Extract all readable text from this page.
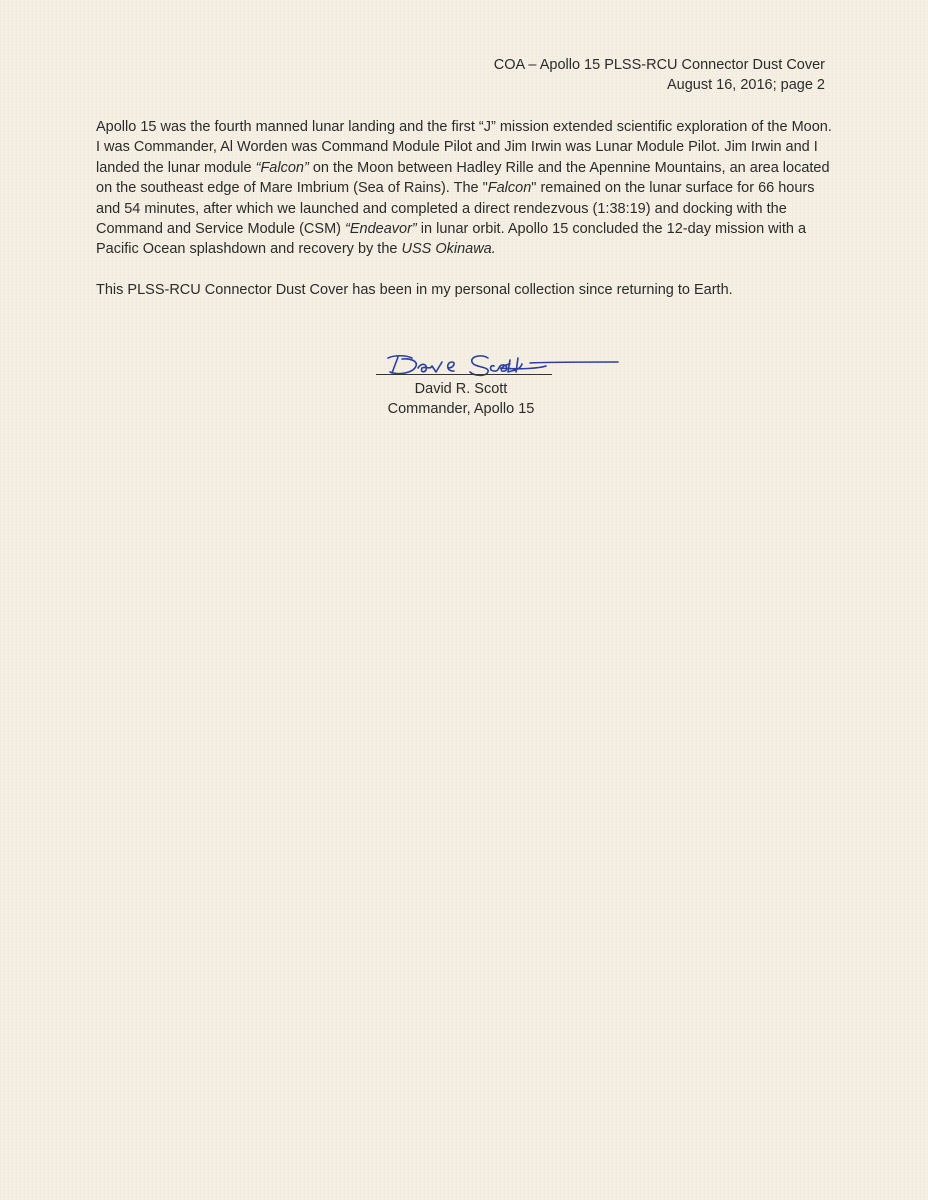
COA – Apollo 15 PLSS-RCU Connector Dust Cover
August 16, 2016; page 2

Apollo 15 was the fourth manned lunar landing and the first “J” mission extended scientific exploration of the Moon. I was Commander, Al Worden was Command Module Pilot and Jim Irwin was Lunar Module Pilot. Jim Irwin and I landed the lunar module “Falcon” on the Moon between Hadley Rille and the Apennine Mountains, an area located on the southeast edge of Mare Imbrium (Sea of Rains). The "Falcon" remained on the lunar surface for 66 hours and 54 minutes, after which we launched and completed a direct rendezvous (1:38:19) and docking with the Command and Service Module (CSM) “Endeavor” in lunar orbit. Apollo 15 concluded the 12-day mission with a Pacific Ocean splashdown and recovery by the USS Okinawa.

This PLSS-RCU Connector Dust Cover has been in my personal collection since returning to Earth.

David R. Scott
Commander, Apollo 15
